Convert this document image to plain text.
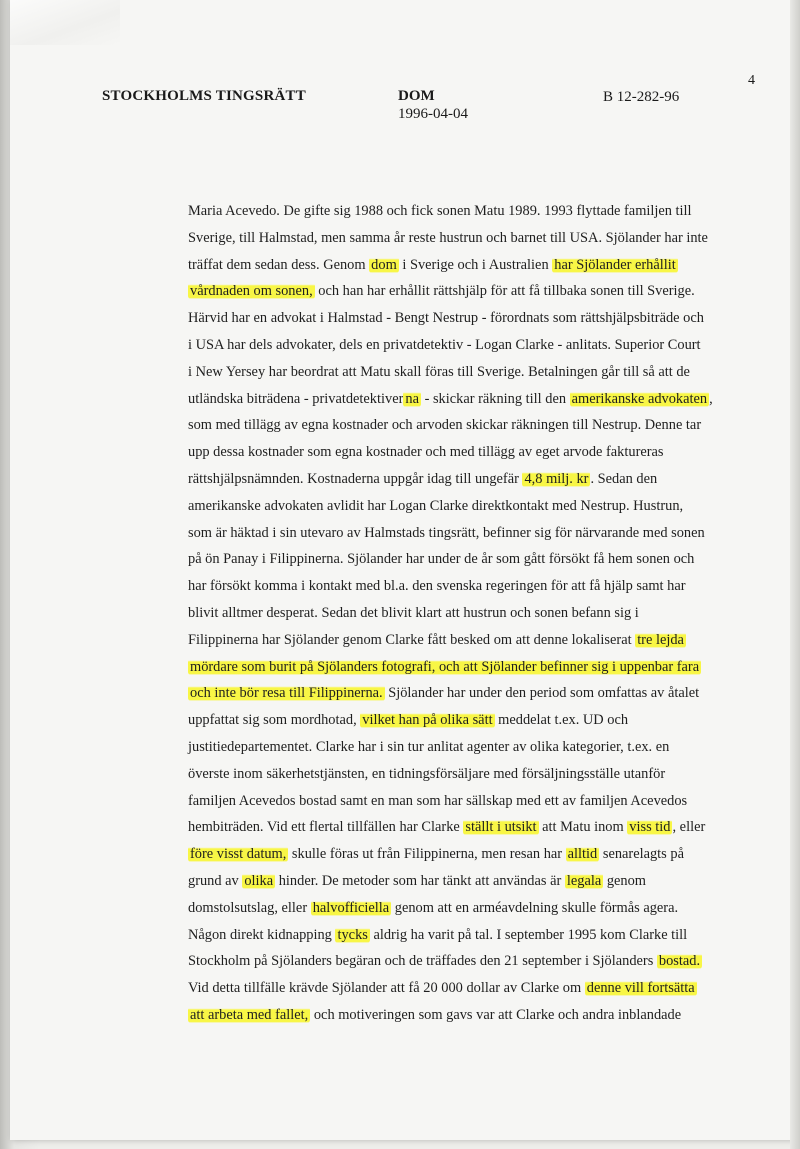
STOCKHOLMS TINGSRÄTT	DOM
1996-04-04
B 12-282-96
4
Maria Acevedo. De gifte sig 1988 och fick sonen Matu 1989. 1993 flyttade familjen till
Sverige, till Halmstad, men samma år reste hustrun och barnet till USA. Sjölander har inte
träffat dem sedan dess. Genom dom i Sverige och i Australien har Sjölander erhållit
vårdnaden om sonen, och han har erhållit rättshjälp för att få tillbaka sonen till Sverige.
Härvid har en advokat i Halmstad - Bengt Nestrup - förordnats som rättshjälpsbiträde och
i USA har dels advokater, dels en privatdetektiv - Logan Clarke - anlitats. Superior Court
i New Yersey har beordrat att Matu skall föras till Sverige. Betalningen går till så att de
utländska biträdena - privatdetektiver na - skickar räkning till den amerikanske advokaten ,
som med tillägg av egna kostnader och arvoden skickar räkningen till Nestrup. Denne tar
upp dessa kostnader som egna kostnader och med tillägg av eget arvode faktureras
rättshjälpsnämnden. Kostnaderna uppgår idag till ungefär 4,8 milj. kr . Sedan den
amerikanske advokaten avlidit har Logan Clarke direktkontakt med Nestrup. Hustrun,
som är häktad i sin utevaro av Halmstads tingsrätt, befinner sig för närvarande med sonen
på ön Panay i Filippinerna. Sjölander har under de år som gått försökt få hem sonen och
har försökt komma i kontakt med bl.a. den svenska regeringen för att få hjälp samt har
blivit alltmer desperat. Sedan det blivit klart att hustrun och sonen befann sig i
Filippinerna har Sjölander genom Clarke fått besked om att denne lokaliserat tre lejda
mördare som burit på Sjölanders fotografi, och att Sjölander befinner sig i uppenbar fara
och inte bör resa till Filippinerna. Sjölander har under den period som omfattas av åtalet
uppfattat sig som mordhotad, vilket han på olika sätt meddelat t.ex. UD och
justitiedepartementet. Clarke har i sin tur anlitat agenter av olika kategorier, t.ex. en
överste inom säkerhetstjänsten, en tidningsförsäljare med försäljningsställe utanför
familjen Acevedos bostad samt en man som har sällskap med ett av familjen Acevedos
hembiträden. Vid ett flertal tillfällen har Clarke ställt i utsikt att Matu inom viss tid , eller
före visst datum, skulle föras ut från Filippinerna, men resan har alltid senarelagts på
grund av olika hinder. De metoder som har tänkt att användas är legala genom
domstolsutslag, eller halvofficiella genom att en arméavdelning skulle förmås agera.
Någon direkt kidnapping tycks aldrig ha varit på tal. I september 1995 kom Clarke till
Stockholm på Sjölanders begäran och de träffades den 21 september i Sjölanders bostad.
Vid detta tillfälle krävde Sjölander att få 20 000 dollar av Clarke om denne vill fortsätta
att arbeta med fallet, och motiveringen som gavs var att Clarke och andra inblandade
